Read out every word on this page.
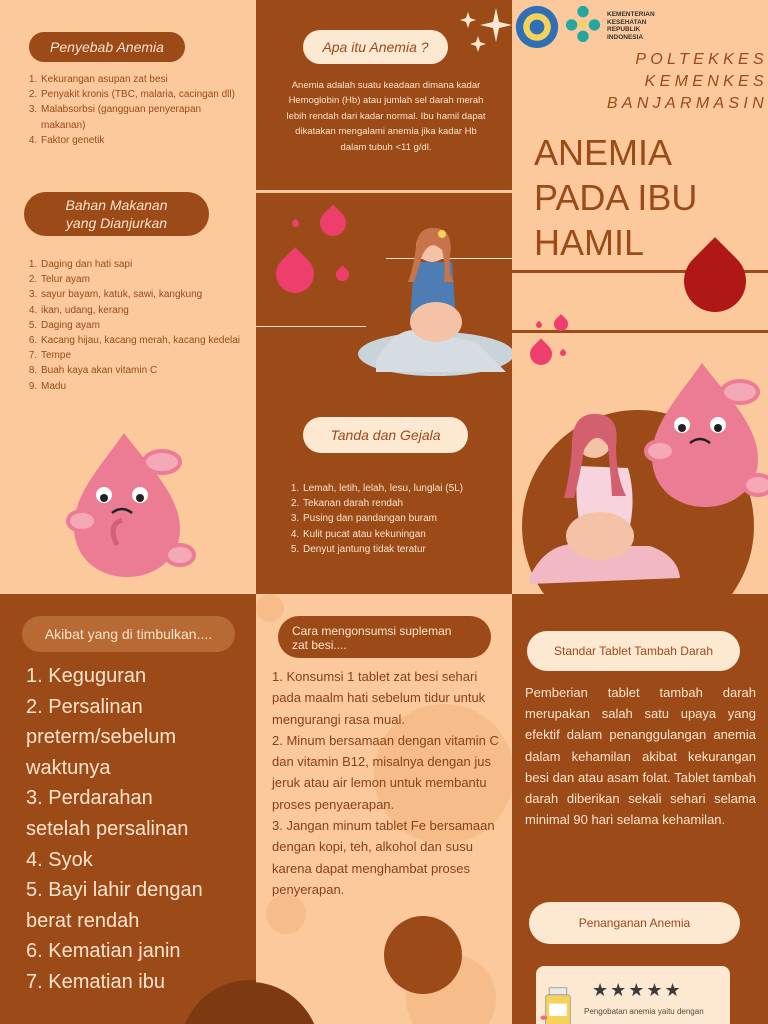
Penyebab Anemia
1. Kekurangan asupan zat besi
2. Penyakit kronis (TBC, malaria, cacingan dll)
3. Malabsorbsi (gangguan penyerapan makanan)
4. Faktor genetik
Bahan Makanan
yang Dianjurkan
1. Daging dan hati sapi
2. Telur ayam
3. sayur bayam, katuk, sawi, kangkung
4. ikan, udang, kerang
5. Daging ayam
6. Kacang hijau, kacang merah, kacang kedelai
7. Tempe
8. Buah kaya akan vitamin C
9. Madu
Apa itu Anemia ?
Anemia adalah suatu keadaan dimana kadar Hemoglobin (Hb) atau jumlah sel darah merah lebih rendah dari kadar normal. Ibu hamil dapat dikatakan mengalami anemia jika kadar Hb dalam tubuh <11 g/dl.
Tanda dan Gejala
1. Lemah, letih, lelah, lesu, lunglai (5L)
2. Tekanan darah rendah
3. Pusing dan pandangan buram
4. Kulit pucat atau kekuningan
5. Denyut jantung tidak teratur
KEMENTERIAN
KESEHATAN
REPUBLIK
INDONESIA
POLTEKKES
KEMENKES
BANJARMASIN
ANEMIA
PADA IBU
HAMIL
Akibat yang di timbulkan....
1. Keguguran
2. Persalinan
preterm/sebelum
waktunya
3. Perdarahan
setelah persalinan
4. Syok
5. Bayi lahir dengan
berat rendah
6. Kematian janin
7. Kematian ibu
Cara mengonsumsi supleman
zat besi....
1. Konsumsi 1 tablet zat besi sehari pada maalm hati sebelum tidur untuk mengurangi rasa mual.
2. Minum bersamaan dengan vitamin C dan vitamin B12, misalnya dengan jus jeruk atau air lemon untuk membantu proses penyaerapan.
3. Jangan minum tablet Fe bersamaan dengan kopi, teh, alkohol dan susu karena dapat menghambat proses penyerapan.
Standar Tablet Tambah Darah
Pemberian tablet tambah darah merupakan salah satu upaya yang efektif dalam penanggulangan anemia dalam kehamilan akibat kekurangan besi dan atau asam folat. Tablet tambah darah diberikan sekali sehari selama minimal 90 hari selama kehamilan.
Penanganan Anemia
★★★★★
Pengobatan anemia yaitu dengan
